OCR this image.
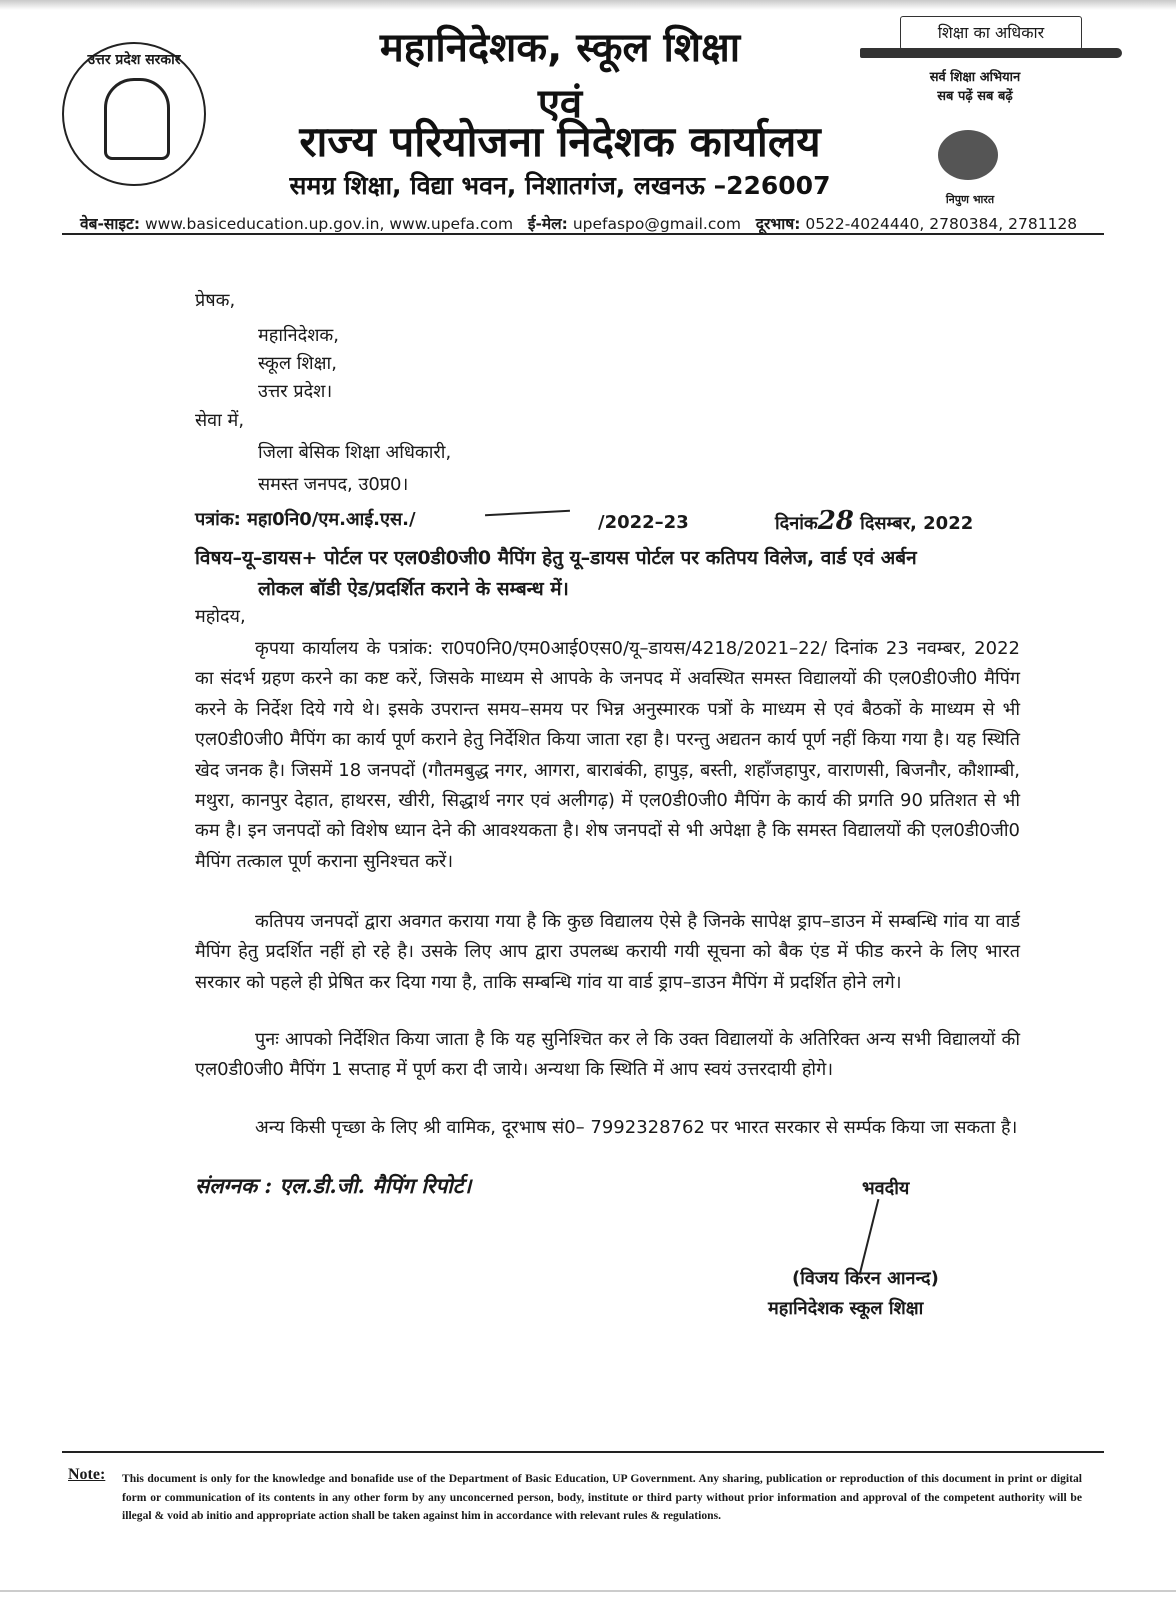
उत्तर प्रदेश सरकार	महानिदेशक, स्कूल शिक्षा
एवं
राज्य परियोजना निदेशक कार्यालय
समग्र शिक्षा, विद्या भवन, निशातगंज, लखनऊ –226007
शिक्षा का अधिकार
सर्व शिक्षा अभियान
सब पढ़ें सब बढ़ें
निपुण भारत
वेब-साइट: www.basiceducation.up.gov.in, www.upefa.com ई-मेल: upefaspo@gmail.com दूरभाष: 0522-4024440, 2780384, 2781128
प्रेषक,
महानिदेशक,
स्कूल शिक्षा,
उत्तर प्रदेश।
सेवा में,
जिला बेसिक शिक्षा अधिकारी,
समस्त जनपद, उ0प्र0।
पत्रांक: महा0नि0/एम.आई.एस./	/2022–23	दिनांक28 दिसम्बर, 2022
विषय–यू–डायस+ पोर्टल पर एल0डी0जी0 मैपिंग हेतु यू–डायस पोर्टल पर कतिपय विलेज, वार्ड एवं अर्बन
लोकल बॉडी ऐड/प्रदर्शित कराने के सम्बन्ध में।
महोदय,
कृपया कार्यालय के पत्रांक: रा0प0नि0/एम0आई0एस0/यू–डायस/4218/2021–22/ दिनांक 23 नवम्बर, 2022 का संदर्भ ग्रहण करने का कष्ट करें, जिसके माध्यम से आपके के जनपद में अवस्थित समस्त विद्यालयों की एल0डी0जी0 मैपिंग करने के निर्देश दिये गये थे। इसके उपरान्त समय–समय पर भिन्न अनुस्मारक पत्रों के माध्यम से एवं बैठकों के माध्यम से भी एल0डी0जी0 मैपिंग का कार्य पूर्ण कराने हेतु निर्देशित किया जाता रहा है। परन्तु अद्यतन कार्य पूर्ण नहीं किया गया है। यह स्थिति खेद जनक है। जिसमें 18 जनपदों (गौतमबुद्ध नगर, आगरा, बाराबंकी, हापुड़, बस्ती, शहाँजहापुर, वाराणसी, बिजनौर, कौशाम्बी, मथुरा, कानपुर देहात, हाथरस, खीरी, सिद्धार्थ नगर एवं अलीगढ़) में एल0डी0जी0 मैपिंग के कार्य की प्रगति 90 प्रतिशत से भी कम है। इन जनपदों को विशेष ध्यान देने की आवश्यकता है। शेष जनपदों से भी अपेक्षा है कि समस्त विद्यालयों की एल0डी0जी0 मैपिंग तत्काल पूर्ण कराना सुनिश्चत करें।
कतिपय जनपदों द्वारा अवगत कराया गया है कि कुछ विद्यालय ऐसे है जिनके सापेक्ष ड्राप–डाउन में सम्बन्धि गांव या वार्ड मैपिंग हेतु प्रदर्शित नहीं हो रहे है। उसके लिए आप द्वारा उपलब्ध करायी गयी सूचना को बैक एंड में फीड करने के लिए भारत सरकार को पहले ही प्रेषित कर दिया गया है, ताकि सम्बन्धि गांव या वार्ड ड्राप–डाउन मैपिंग में प्रदर्शित होने लगे।
पुनः आपको निर्देशित किया जाता है कि यह सुनिश्चित कर ले कि उक्त विद्यालयों के अतिरिक्त अन्य सभी विद्यालयों की एल0डी0जी0 मैपिंग 1 सप्ताह में पूर्ण करा दी जाये। अन्यथा कि स्थिति में आप स्वयं उत्तरदायी होगे।
अन्य किसी पृच्छा के लिए श्री वामिक, दूरभाष सं0– 7992328762 पर भारत सरकार से सर्म्पक किया जा सकता है।
संलग्नक : एल.डी.जी. मैपिंग रिपोर्ट।	भवदीय
(विजय किरन आनन्द)
महानिदेशक स्कूल शिक्षा
Note: This document is only for the knowledge and bonafide use of the Department of Basic Education, UP Government. Any sharing, publication or reproduction of this document in print or digital form or communication of its contents in any other form by any unconcerned person, body, institute or third party without prior information and approval of the competent authority will be illegal & void ab initio and appropriate action shall be taken against him in accordance with relevant rules & regulations.
